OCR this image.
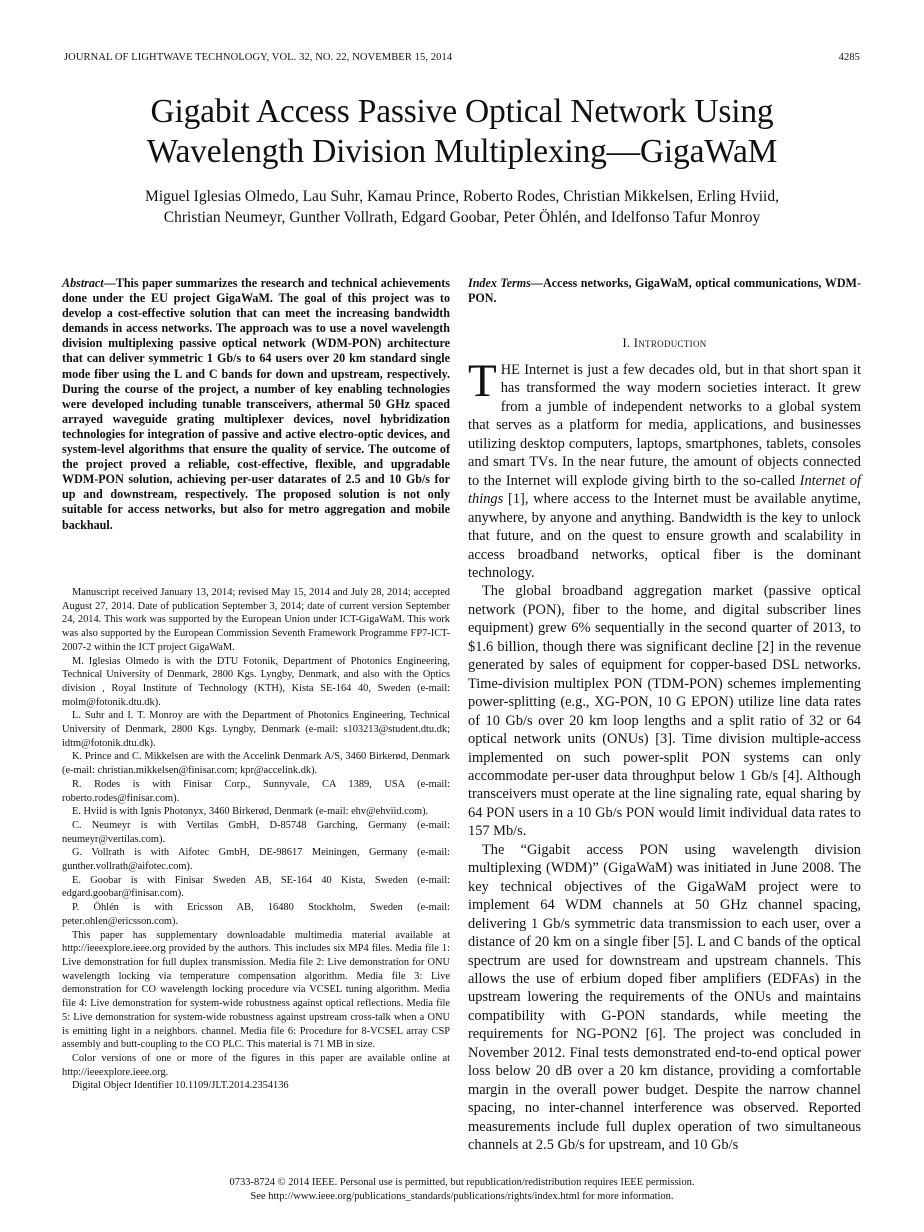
JOURNAL OF LIGHTWAVE TECHNOLOGY, VOL. 32, NO. 22, NOVEMBER 15, 2014	4285
Gigabit Access Passive Optical Network Using
Wavelength Division Multiplexing—GigaWaM
Miguel Iglesias Olmedo, Lau Suhr, Kamau Prince, Roberto Rodes, Christian Mikkelsen, Erling Hviid,
Christian Neumeyr, Gunther Vollrath, Edgard Goobar, Peter Öhlén, and Idelfonso Tafur Monroy
Abstract—This paper summarizes the research and technical achievements done under the EU project GigaWaM. The goal of this project was to develop a cost-effective solution that can meet the increasing bandwidth demands in access networks. The approach was to use a novel wavelength division multiplexing passive optical network (WDM-PON) architecture that can deliver symmetric 1 Gb/s to 64 users over 20 km standard single mode fiber using the L and C bands for down and upstream, respectively. During the course of the project, a number of key enabling technologies were developed including tunable transceivers, athermal 50 GHz spaced arrayed waveguide grating multiplexer devices, novel hybridization technologies for integration of passive and active electro-optic devices, and system-level algorithms that ensure the quality of service. The outcome of the project proved a reliable, cost-effective, flexible, and upgradable WDM-PON solution, achieving per-user datarates of 2.5 and 10 Gb/s for up and downstream, respectively. The proposed solution is not only suitable for access networks, but also for metro aggregation and mobile backhaul.

Manuscript received January 13, 2014; revised May 15, 2014 and July 28, 2014; accepted August 27, 2014. Date of publication September 3, 2014; date of current version September 24, 2014. This work was supported by the European Union under ICT-GigaWaM. This work was also supported by the European Commission Seventh Framework Programme FP7-ICT- 2007-2 within the ICT project GigaWaM.

M. Iglesias Olmedo is with the DTU Fotonik, Department of Photonics Engineering, Technical University of Denmark, 2800 Kgs. Lyngby, Denmark, and also with the Optics division , Royal Institute of Technology (KTH), Kista SE-164 40, Sweden (e-mail: molm@fotonik.dtu.dk).

L. Suhr and I. T. Monroy are with the Department of Photonics Engineering, Technical University of Denmark, 2800 Kgs. Lyngby, Denmark (e-mail: s103213@student.dtu.dk; idtm@fotonik.dtu.dk).

K. Prince and C. Mikkelsen are with the Accelink Denmark A/S, 3460 Birkerød, Denmark (e-mail: christian.mikkelsen@finisar.com; kpr@accelink.dk).

R. Rodes is with Finisar Corp., Sunnyvale, CA 1389, USA (e-mail: roberto.rodes@finisar.com).

E. Hviid is with Ignis Photonyx, 3460 Birkerød, Denmark (e-mail: ehv@ehviid.com).

C. Neumeyr is with Vertilas GmbH, D-85748 Garching, Germany (e-mail: neumeyr@vertilas.com).

G. Vollrath is with Aifotec GmbH, DE-98617 Meiningen, Germany (e-mail: gunther.vollrath@aifotec.com).

E. Goobar is with Finisar Sweden AB, SE-164 40 Kista, Sweden (e-mail: edgard.goobar@finisar.com).

P. Öhlén is with Ericsson AB, 16480 Stockholm, Sweden (e-mail: peter.ohlen@ericsson.com).

This paper has supplementary downloadable multimedia material available at http://ieeexplore.ieee.org provided by the authors. This includes six MP4 files. Media file 1: Live demonstration for full duplex transmission. Media file 2: Live demonstration for ONU wavelength locking via temperature compensation algorithm. Media file 3: Live demonstration for CO wavelength locking procedure via VCSEL tuning algorithm. Media file 4: Live demonstration for system-wide robustness against optical reflections. Media file 5: Live demonstration for system-wide robustness against upstream cross-talk when a ONU is emitting light in a neighbors. channel. Media file 6: Procedure for 8-VCSEL array CSP assembly and butt-coupling to the CO PLC. This material is 71 MB in size.

Color versions of one or more of the figures in this paper are available online at http://ieeexplore.ieee.org.

Digital Object Identifier 10.1109/JLT.2014.2354136

Index Terms—Access networks, GigaWaM, optical communications, WDM-PON.
I. Introduction

THE Internet is just a few decades old, but in that short span it has transformed the way modern societies interact. It grew from a jumble of independent networks to a global system that serves as a platform for media, applications, and businesses utilizing desktop computers, laptops, smartphones, tablets, consoles and smart TVs. In the near future, the amount of objects connected to the Internet will explode giving birth to the so-called Internet of things [1], where access to the Internet must be available anytime, anywhere, by anyone and anything. Bandwidth is the key to unlock that future, and on the quest to ensure growth and scalability in access broadband networks, optical fiber is the dominant technology.

The global broadband aggregation market (passive optical network (PON), fiber to the home, and digital subscriber lines equipment) grew 6% sequentially in the second quarter of 2013, to $1.6 billion, though there was significant decline [2] in the revenue generated by sales of equipment for copper-based DSL networks. Time-division multiplex PON (TDM-PON) schemes implementing power-splitting (e.g., XG-PON, 10 G EPON) utilize line data rates of 10 Gb/s over 20 km loop lengths and a split ratio of 32 or 64 optical network units (ONUs) [3]. Time division multiple-access implemented on such power-split PON systems can only accommodate per-user data throughput below 1 Gb/s [4]. Although transceivers must operate at the line signaling rate, equal sharing by 64 PON users in a 10 Gb/s PON would limit individual data rates to 157 Mb/s.

The “Gigabit access PON using wavelength division multiplexing (WDM)” (GigaWaM) was initiated in June 2008. The key technical objectives of the GigaWaM project were to implement 64 WDM channels at 50 GHz channel spacing, delivering 1 Gb/s symmetric data transmission to each user, over a distance of 20 km on a single fiber [5]. L and C bands of the optical spectrum are used for downstream and upstream channels. This allows the use of erbium doped fiber amplifiers (EDFAs) in the upstream lowering the requirements of the ONUs and maintains compatibility with G-PON standards, while meeting the requirements for NG-PON2 [6]. The project was concluded in November 2012. Final tests demonstrated end-to-end optical power loss below 20 dB over a 20 km distance, providing a comfortable margin in the overall power budget. Despite the narrow channel spacing, no inter-channel interference was observed. Reported measurements include full duplex operation of two simultaneous channels at 2.5 Gb/s for upstream, and 10 Gb/s

0733-8724 © 2014 IEEE. Personal use is permitted, but republication/redistribution requires IEEE permission.
See http://www.ieee.org/publications_standards/publications/rights/index.html for more information.
